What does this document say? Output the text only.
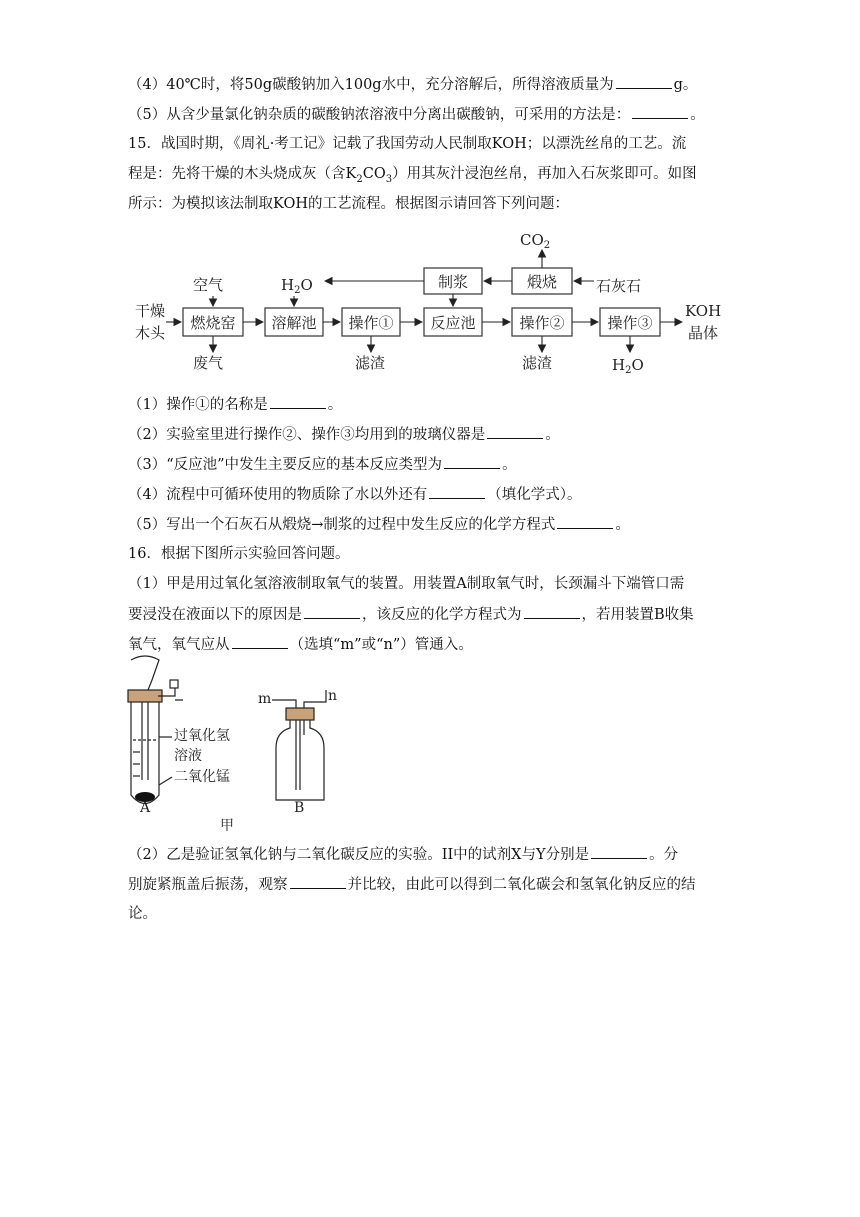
（4）40℃时，将50g碳酸钠加入100g水中，充分溶解后，所得溶液质量为	g。
（5）从含少量氯化钠杂质的碳酸钠浓溶液中分离出碳酸钠，可采用的方法是：	。
15．战国时期，《周礼·考工记》记载了我国劳动人民制取KOH；以漂洗丝帛的工艺。流
程是：先将干燥的木头烧成灰（含$K_2CO_3$）用其灰汁浸泡丝帛，再加入石灰浆即可。如图
所示：为模拟该法制取KOH的工艺流程。根据图示请回答下列问题：
干燥
木头
空气
废气
$H_2O$
滤渣	滤渣	$H_2O$
KOH
晶体
石灰石
$CO_2$
燃烧窑 溶解池 操作① 反应池	操作②	操作③
制浆	煅烧
（1）操作①的名称是	。
（2）实验室里进行操作②、操作③均用到的玻璃仪器是	。
（3）“反应池”中发生主要反应的基本反应类型为	。
（4）流程中可循环使用的物质除了水以外还有	（填化学式）。
（5）写出一个石灰石从煅烧→制浆的过程中发生反应的化学方程式	。
16．根据下图所示实验回答问题。
（1）甲是用过氧化氢溶液制取氧气的装置。用装置A制取氧气时，长颈漏斗下端管口需
要浸没在液面以下的原因是	，该反应的化学方程式为	，若用装置B收集
氧气，氧气应从	（选填“m”或“n”）管通入。
过氧化氢
溶液
二氧化锰
A	B
m	n
甲
（2）乙是验证氢氧化钠与二氧化碳反应的实验。II中的试剂X与Y分别是	。分
别旋紧瓶盖后振荡，观察	并比较，由此可以得到二氧化碳会和氢氧化钠反应的结
论。
